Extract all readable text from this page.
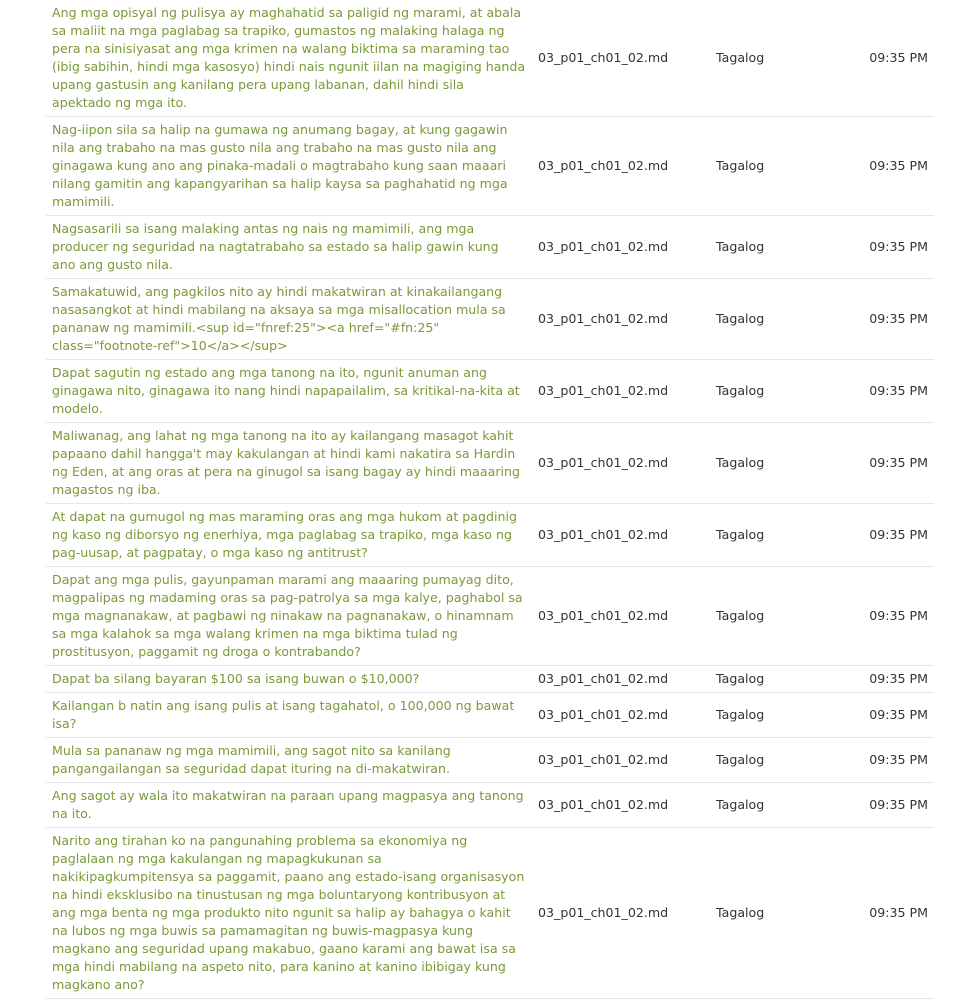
Ang mga opisyal ng pulisya ay maghahatid sa paligid ng marami, at abala sa maliit na mga paglabag sa trapiko, gumastos ng malaking halaga ng pera na sinisiyasat ang mga krimen na walang biktima sa maraming tao (ibig sabihin, hindi mga kasosyo) hindi nais ngunit iilan na magiging handa upang gastusin ang kanilang pera upang labanan, dahil hindi sila apektado ng mga ito.	03_p01_ch01_02.md	Tagalog	09:35 PM
Nag-iipon sila sa halip na gumawa ng anumang bagay, at kung gagawin nila ang trabaho na mas gusto nila ang trabaho na mas gusto nila ang ginagawa kung ano ang pinaka-madali o magtrabaho kung saan maaari nilang gamitin ang kapangyarihan sa halip kaysa sa paghahatid ng mga mamimili.	03_p01_ch01_02.md	Tagalog	09:35 PM
Nagsasarili sa isang malaking antas ng nais ng mamimili, ang mga producer ng seguridad na nagtatrabaho sa estado sa halip gawin kung ano ang gusto nila.	03_p01_ch01_02.md	Tagalog	09:35 PM
Samakatuwid, ang pagkilos nito ay hindi makatwiran at kinakailangang nasasangkot at hindi mabilang na aksaya sa mga misallocation mula sa pananaw ng mamimili.<sup id="fnref:25"><a href="#fn:25" class="footnote-ref">10</a></sup>	03_p01_ch01_02.md	Tagalog	09:35 PM
Dapat sagutin ng estado ang mga tanong na ito, ngunit anuman ang ginagawa nito, ginagawa ito nang hindi napapailalim, sa kritikal-na-kita at modelo.	03_p01_ch01_02.md	Tagalog	09:35 PM
Maliwanag, ang lahat ng mga tanong na ito ay kailangang masagot kahit papaano dahil hangga't may kakulangan at hindi kami nakatira sa Hardin ng Eden, at ang oras at pera na ginugol sa isang bagay ay hindi maaaring magastos ng iba.	03_p01_ch01_02.md	Tagalog	09:35 PM
At dapat na gumugol ng mas maraming oras ang mga hukom at pagdinig ng kaso ng diborsyo ng enerhiya, mga paglabag sa trapiko, mga kaso ng pag-uusap, at pagpatay, o mga kaso ng antitrust?	03_p01_ch01_02.md	Tagalog	09:35 PM
Dapat ang mga pulis, gayunpaman marami ang maaaring pumayag dito, magpalipas ng madaming oras sa pag-patrolya sa mga kalye, paghabol sa mga magnanakaw, at pagbawi ng ninakaw na pagnanakaw, o hinamnam sa mga kalahok sa mga walang krimen na mga biktima tulad ng prostitusyon, paggamit ng droga o kontrabando?	03_p01_ch01_02.md	Tagalog	09:35 PM
Dapat ba silang bayaran $100 sa isang buwan o $10,000?	03_p01_ch01_02.md	Tagalog	09:35 PM
Kailangan b natin ang isang pulis at isang tagahatol, o 100,000 ng bawat isa?	03_p01_ch01_02.md	Tagalog	09:35 PM
Mula sa pananaw ng mga mamimili, ang sagot nito sa kanilang pangangailangan sa seguridad dapat ituring na di-makatwiran.	03_p01_ch01_02.md	Tagalog	09:35 PM
Ang sagot ay wala ito makatwiran na paraan upang magpasya ang tanong na ito.	03_p01_ch01_02.md	Tagalog	09:35 PM
Narito ang tirahan ko na pangunahing problema sa ekonomiya ng paglalaan ng mga kakulangan ng mapagkukunan sa nakikipagkumpitensya sa paggamit, paano ang estado-isang organisasyon na hindi eksklusibo na tinustusan ng mga boluntaryong kontribusyon at ang mga benta ng mga produkto nito ngunit sa halip ay bahagya o kahit na lubos ng mga buwis sa pamamagitan ng buwis-magpasya kung magkano ang seguridad upang makabuo, gaano karami ang bawat isa sa mga hindi mabilang na aspeto nito, para kanino at kanino ibibigay kung magkano ano?	03_p01_ch01_02.md	Tagalog	09:35 PM
